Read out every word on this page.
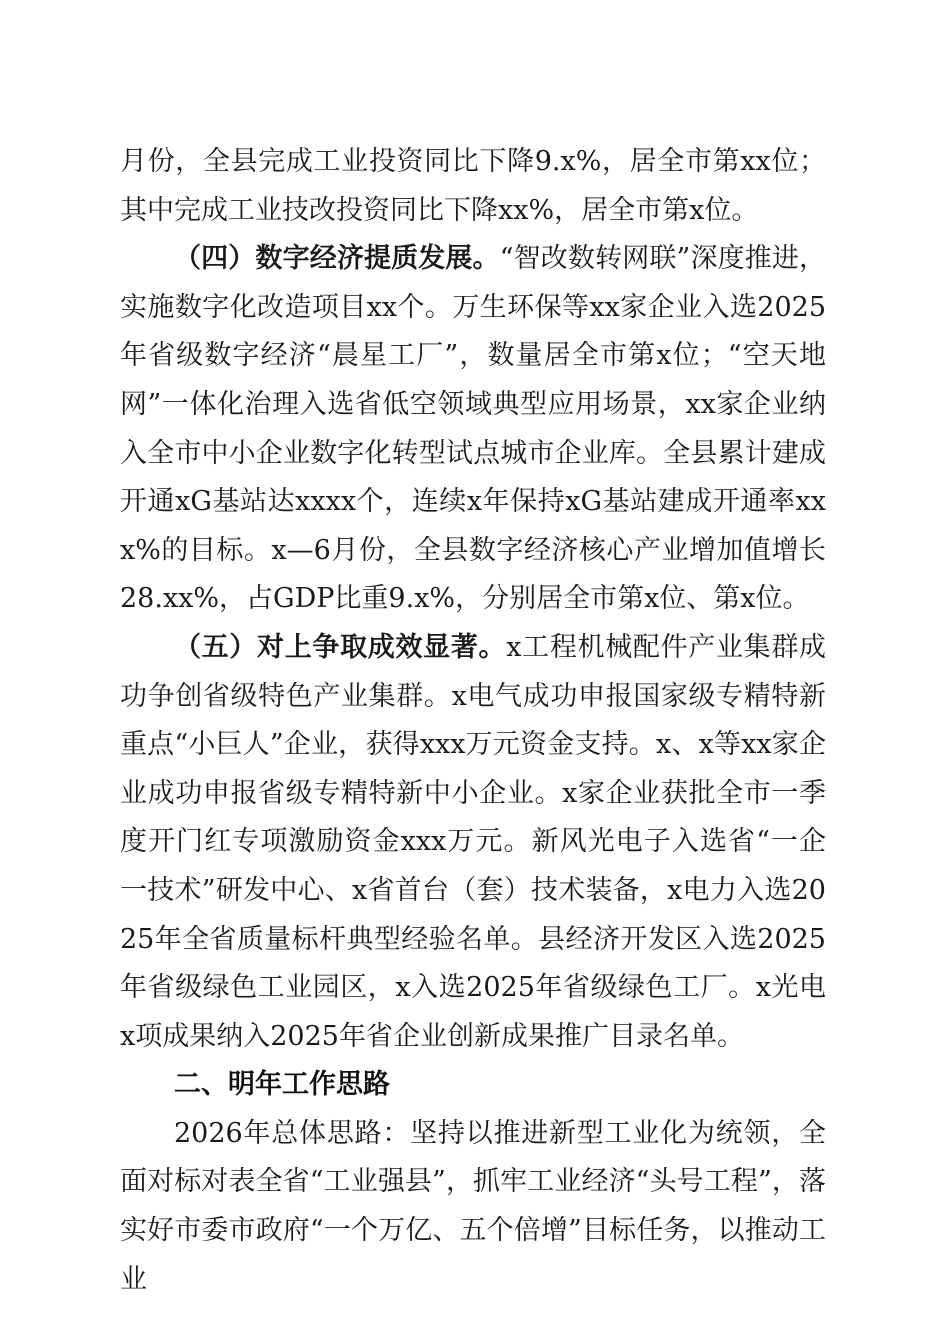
月份，全县完成工业投资同比下降9.x%，居全市第xx位；其中完成工业技改投资同比下降xx%，居全市第x位。

（四）数字经济提质发展。“智改数转网联”深度推进，实施数字化改造项目xx个。万生环保等xx家企业入选2025年省级数字经济“晨星工厂”，数量居全市第x位；“空天地网”一体化治理入选省低空领域典型应用场景，xx家企业纳入全市中小企业数字化转型试点城市企业库。全县累计建成开通xG基站达xxxx个，连续x年保持xG基站建成开通率xxx%的目标。x—6月份，全县数字经济核心产业增加值增长28.xx%，占GDP比重9.x%，分别居全市第x位、第x位。

（五）对上争取成效显著。x工程机械配件产业集群成功争创省级特色产业集群。x电气成功申报国家级专精特新重点“小巨人”企业，获得xxx万元资金支持。x、x等xx家企业成功申报省级专精特新中小企业。x家企业获批全市一季度开门红专项激励资金xxx万元。新风光电子入选省“一企一技术”研发中心、x省首台（套）技术装备，x电力入选2025年全省质量标杆典型经验名单。县经济开发区入选2025年省级绿色工业园区，x入选2025年省级绿色工厂。x光电x项成果纳入2025年省企业创新成果推广目录名单。

二、明年工作思路

2026年总体思路：坚持以推进新型工业化为统领，全面对标对表全省“工业强县”，抓牢工业经济“头号工程”，落实好市委市政府“一个万亿、五个倍增”目标任务，以推动工业
